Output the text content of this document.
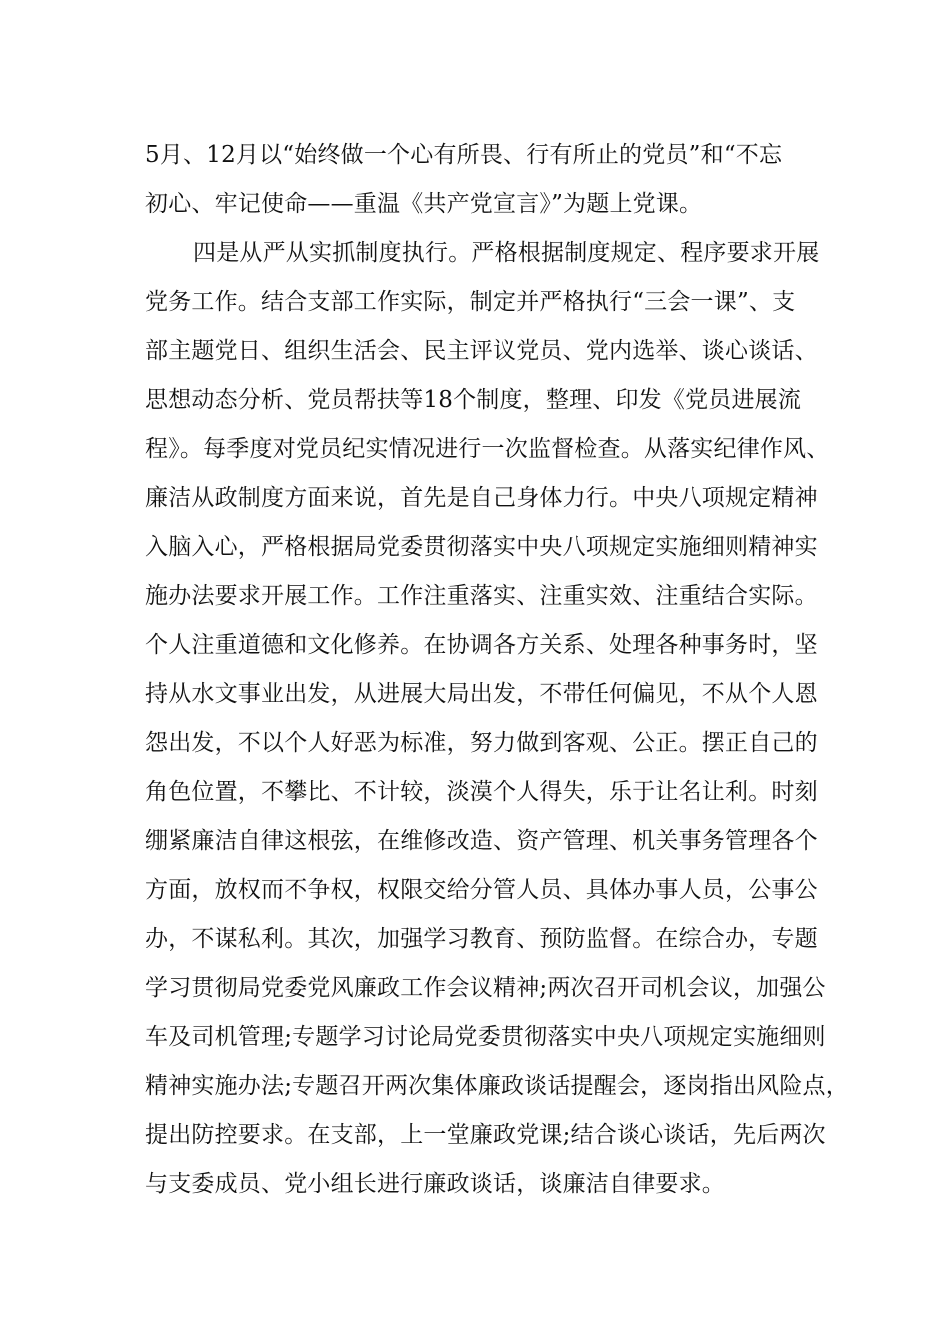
5月、12月以“始终做一个心有所畏、行有所止的党员”和“不忘
初心、牢记使命——重温《共产党宣言》”为题上党课。
四是从严从实抓制度执行。严格根据制度规定、程序要求开展
党务工作。结合支部工作实际，制定并严格执行“三会一课”、支
部主题党日、组织生活会、民主评议党员、党内选举、谈心谈话、
思想动态分析、党员帮扶等18个制度，整理、印发《党员进展流
程》。每季度对党员纪实情况进行一次监督检查。从落实纪律作风、
廉洁从政制度方面来说，首先是自己身体力行。中央八项规定精神
入脑入心，严格根据局党委贯彻落实中央八项规定实施细则精神实
施办法要求开展工作。工作注重落实、注重实效、注重结合实际。
个人注重道德和文化修养。在协调各方关系、处理各种事务时，坚
持从水文事业出发，从进展大局出发，不带任何偏见，不从个人恩
怨出发，不以个人好恶为标准，努力做到客观、公正。摆正自己的
角色位置，不攀比、不计较，淡漠个人得失，乐于让名让利。时刻
绷紧廉洁自律这根弦，在维修改造、资产管理、机关事务管理各个
方面，放权而不争权，权限交给分管人员、具体办事人员，公事公
办，不谋私利。其次，加强学习教育、预防监督。在综合办，专题
学习贯彻局党委党风廉政工作会议精神;两次召开司机会议，加强公
车及司机管理;专题学习讨论局党委贯彻落实中央八项规定实施细则
精神实施办法;专题召开两次集体廉政谈话提醒会，逐岗指出风险点，
提出防控要求。在支部，上一堂廉政党课;结合谈心谈话，先后两次
与支委成员、党小组长进行廉政谈话，谈廉洁自律要求。
